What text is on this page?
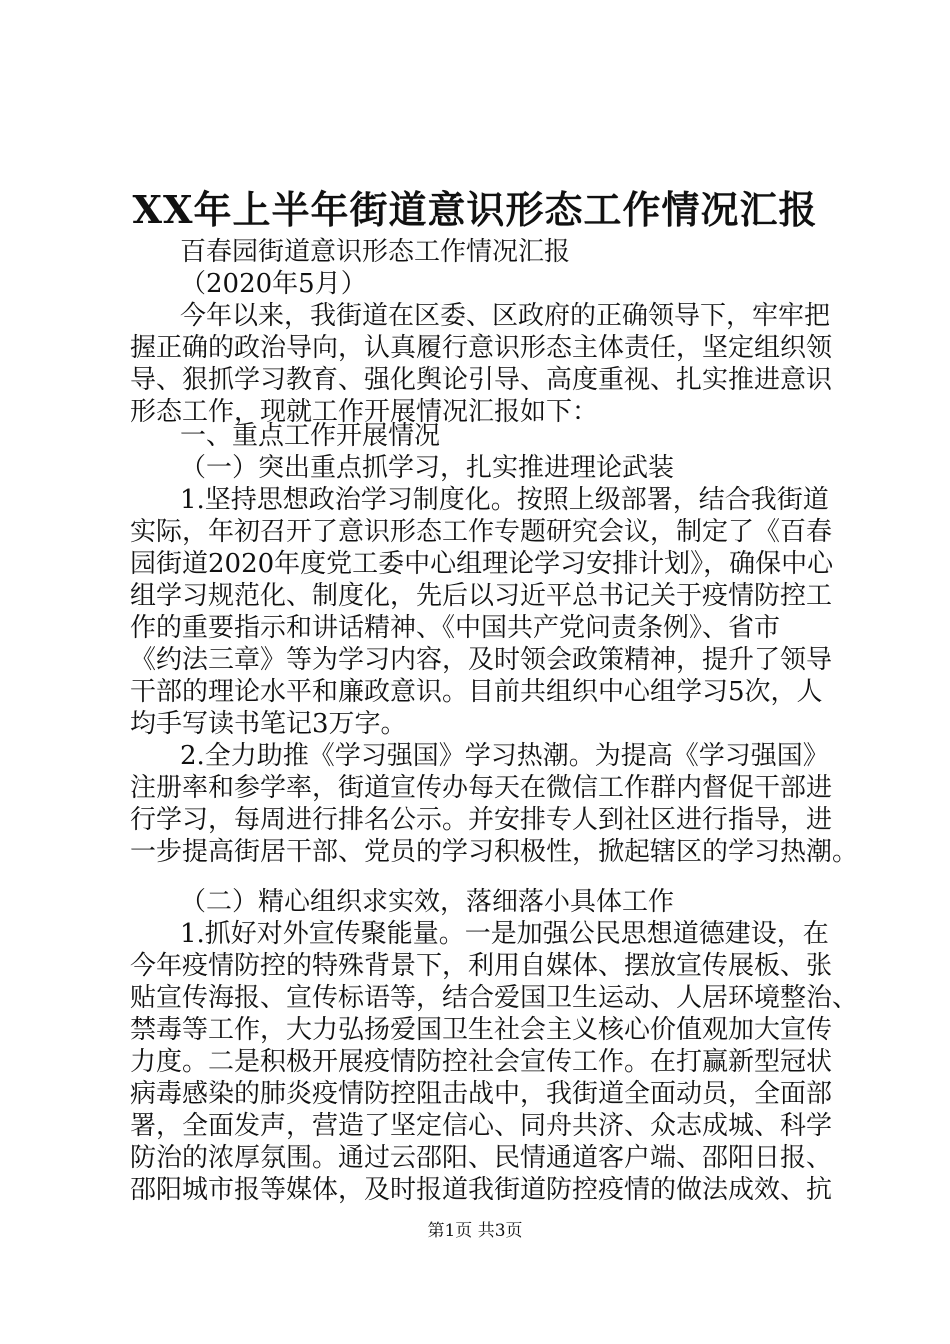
XX年上半年街道意识形态工作情况汇报
百春园街道意识形态工作情况汇报
（2020年5月）
今年以来，我街道在区委、区政府的正确领导下，牢牢把
握正确的政治导向，认真履行意识形态主体责任，坚定组织领
导、狠抓学习教育、强化舆论引导、高度重视、扎实推进意识
形态工作，现就工作开展情况汇报如下：
一、重点工作开展情况
（一）突出重点抓学习，扎实推进理论武装
1.坚持思想政治学习制度化。按照上级部署，结合我街道
实际，年初召开了意识形态工作专题研究会议，制定了《百春
园街道2020年度党工委中心组理论学习安排计划》，确保中心
组学习规范化、制度化，先后以习近平总书记关于疫情防控工
作的重要指示和讲话精神、《中国共产党问责条例》、省市
《约法三章》等为学习内容，及时领会政策精神，提升了领导
干部的理论水平和廉政意识。目前共组织中心组学习5次，人
均手写读书笔记3万字。
2.全力助推《学习强国》学习热潮。为提高《学习强国》
注册率和参学率，街道宣传办每天在微信工作群内督促干部进
行学习，每周进行排名公示。并安排专人到社区进行指导，进
一步提高街居干部、党员的学习积极性，掀起辖区的学习热潮。
（二）精心组织求实效，落细落小具体工作
1.抓好对外宣传聚能量。一是加强公民思想道德建设，在
今年疫情防控的特殊背景下，利用自媒体、摆放宣传展板、张
贴宣传海报、宣传标语等，结合爱国卫生运动、人居环境整治、
禁毒等工作，大力弘扬爱国卫生社会主义核心价值观加大宣传
力度。二是积极开展疫情防控社会宣传工作。在打赢新型冠状
病毒感染的肺炎疫情防控阻击战中，我街道全面动员，全面部
署，全面发声，营造了坚定信心、同舟共济、众志成城、科学
防治的浓厚氛围。通过云邵阳、民情通道客户端、邵阳日报、
邵阳城市报等媒体，及时报道我街道防控疫情的做法成效、抗
第1页 共3页
